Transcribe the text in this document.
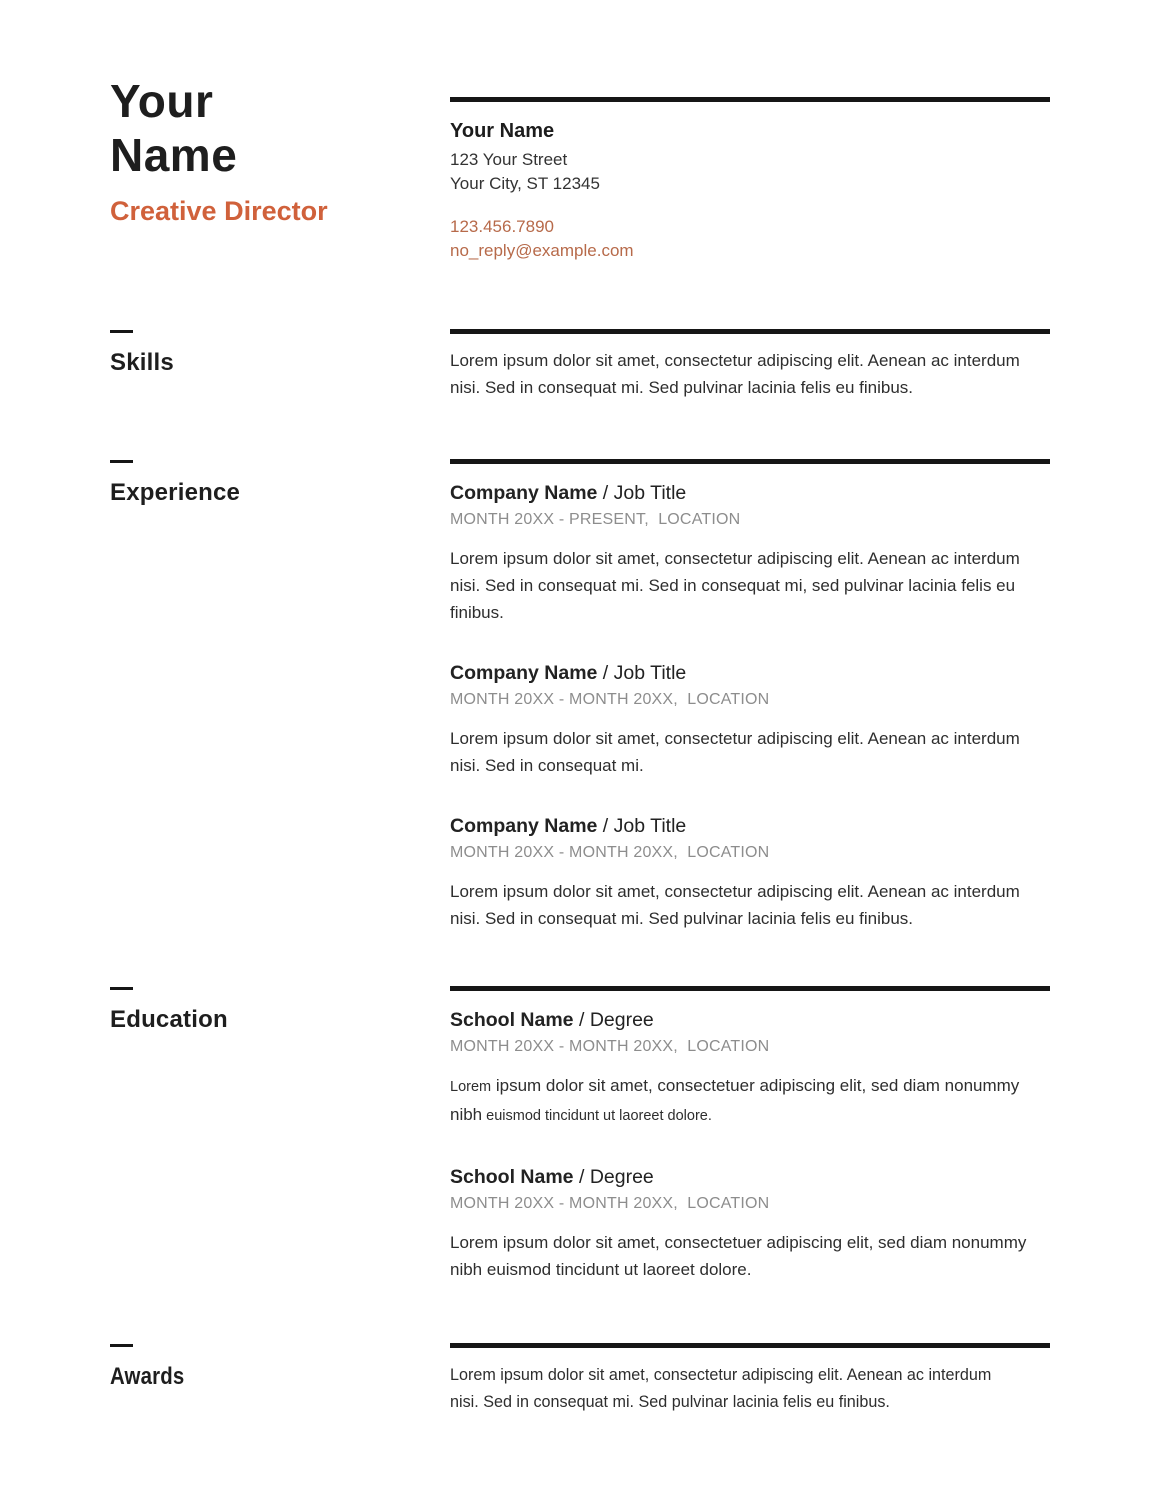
Your
Name
Creative Director
Your Name
123 Your Street
Your City, ST 12345
123.456.7890
no_reply@example.com
Skills	Lorem ipsum dolor sit amet, consectetur adipiscing elit. Aenean ac interdum nisi. Sed in consequat mi. Sed pulvinar lacinia felis eu finibus.

Experience	Company Name / Job Title
MONTH 20XX - PRESENT,  LOCATION

Lorem ipsum dolor sit amet, consectetur adipiscing elit. Aenean ac interdum nisi. Sed in consequat mi. Sed in consequat mi, sed pulvinar lacinia felis eu finibus.

Company Name / Job Title
MONTH 20XX - MONTH 20XX,  LOCATION

Lorem ipsum dolor sit amet, consectetur adipiscing elit. Aenean ac interdum nisi. Sed in consequat mi.

Company Name / Job Title
MONTH 20XX - MONTH 20XX,  LOCATION

Lorem ipsum dolor sit amet, consectetur adipiscing elit. Aenean ac interdum nisi. Sed in consequat mi. Sed pulvinar lacinia felis eu finibus.

Education	School Name / Degree
MONTH 20XX - MONTH 20XX,  LOCATION

Lorem ipsum dolor sit amet, consectetuer adipiscing elit, sed diam nonummy nibh euismod tincidunt ut laoreet dolore.

School Name / Degree
MONTH 20XX - MONTH 20XX,  LOCATION

Lorem ipsum dolor sit amet, consectetuer adipiscing elit, sed diam nonummy nibh euismod tincidunt ut laoreet dolore.

Awards	Lorem ipsum dolor sit amet, consectetur adipiscing elit. Aenean ac interdum nisi. Sed in consequat mi. Sed pulvinar lacinia felis eu finibus.
